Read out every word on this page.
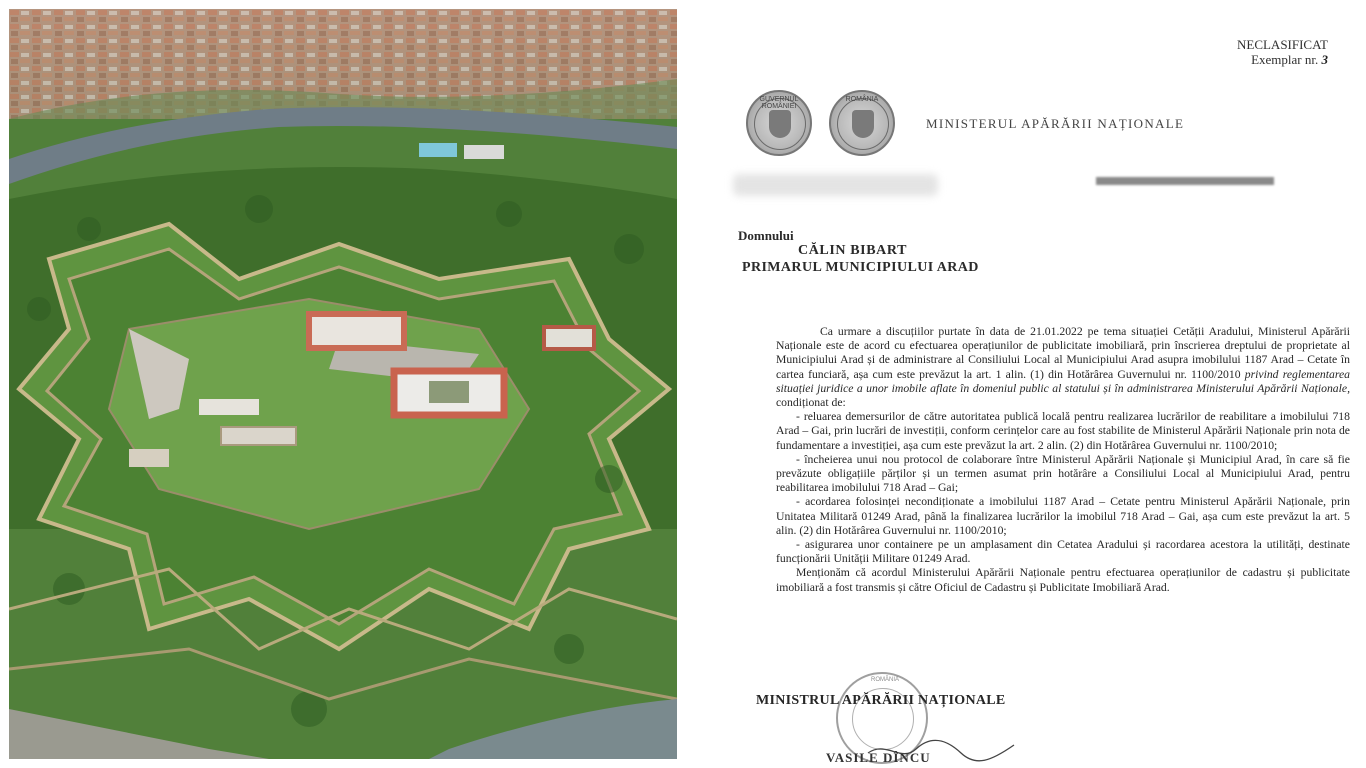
NECLASIFICAT
Exemplar nr. 3
GUVERNUL ROMÂNIEI
ROMÂNIA
MINISTERUL APĂRĂRII NAȚIONALE
Domnului
CĂLIN BIBART
PRIMARUL MUNICIPIULUI ARAD

Ca urmare a discuțiilor purtate în data de 21.01.2022 pe tema situației Cetății Aradului, Ministerul Apărării Naționale este de acord cu efectuarea operațiunilor de publicitate imobiliară, prin înscrierea dreptului de proprietate al Municipiului Arad și de administrare al Consiliului Local al Municipiului Arad asupra imobilului 1187 Arad – Cetate în cartea funciară, așa cum este prevăzut la art. 1 alin. (1) din Hotărârea Guvernului nr. 1100/2010 privind reglementarea situației juridice a unor imobile aflate în domeniul public al statului și în administrarea Ministerului Apărării Naționale, condiționat de:

- reluarea demersurilor de către autoritatea publică locală pentru realizarea lucrărilor de reabilitare a imobilului 718 Arad – Gai, prin lucrări de investiții, conform cerințelor care au fost stabilite de Ministerul Apărării Naționale prin nota de fundamentare a investiției, așa cum este prevăzut la art. 2 alin. (2) din Hotărârea Guvernului nr. 1100/2010;

- încheierea unui nou protocol de colaborare între Ministerul Apărării Naționale și Municipiul Arad, în care să fie prevăzute obligațiile părților și un termen asumat prin hotărâre a Consiliului Local al Municipiului Arad, pentru reabilitarea imobilului 718 Arad – Gai;

- acordarea folosinței necondiționate a imobilului 1187 Arad – Cetate pentru Ministerul Apărării Naționale, prin Unitatea Militară 01249 Arad, până la finalizarea lucrărilor la imobilul 718 Arad – Gai, așa cum este prevăzut la art. 5 alin. (2) din Hotărârea Guvernului nr. 1100/2010;

- asigurarea unor containere pe un amplasament din Cetatea Aradului și racordarea acestora la utilități, destinate funcționării Unității Militare 01249 Arad.

Menționăm că acordul Ministerului Apărării Naționale pentru efectuarea operațiunilor de cadastru și publicitate imobiliară a fost transmis și către Oficiul de Cadastru și Publicitate Imobiliară Arad.

ROMÂNIA
MINISTRUL APĂRĂRII NAȚIONALE
VASILE DÎNCU
